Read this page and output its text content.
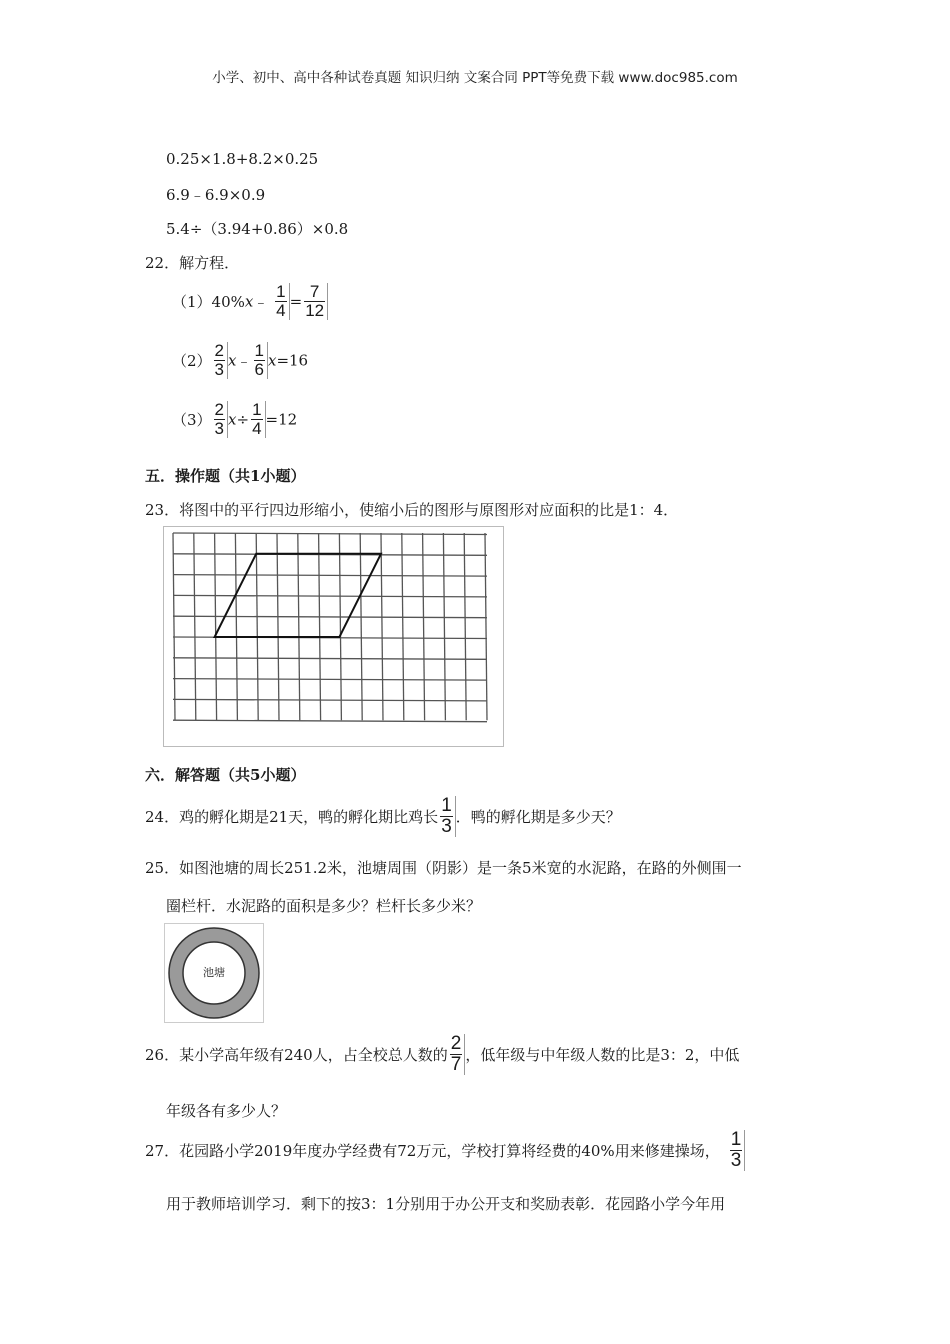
小学、初中、高中各种试卷真题 知识归纳 文案合同 PPT等免费下载 www.doc985.com
0.25×1.8+8.2×0.25
6.9﹣6.9×0.9
5.4÷（3.94+0.86）×0.8
22．解方程．
（1）40%x﹣ $\frac{1}{4} = \frac{7}{12}$
$(2) \frac{2}{3}$ x﹣ $\frac{1}{6} x=16$
$(3) \frac{2}{3} x\div \frac{1}{4} =12$
五．操作题（共1小题）
23．将图中的平行四边形缩小，使缩小后的图形与原图形对应面积的比是1：4．
六．解答题（共5小题）
24．鸡的孵化期是21天，鸭的孵化期比鸡长 $\frac{1}{3}$ ．鸭的孵化期是多少天？
25．如图池塘的周长251.2米，池塘周围（阴影）是一条5米宽的水泥路，在路的外侧围一
圈栏杆．水泥路的面积是多少？栏杆长多少米？
池塘
26．某小学高年级有240人，占全校总人数的 $\frac{2}{7}$ ，低年级与中年级人数的比是3：2，中低
年级各有多少人？
27．花园路小学2019年度办学经费有72万元，学校打算将经费的40%用来修建操场， $\frac{1}{3}$
用于教师培训学习．剩下的按3：1分别用于办公开支和奖励表彰．花园路小学今年用
